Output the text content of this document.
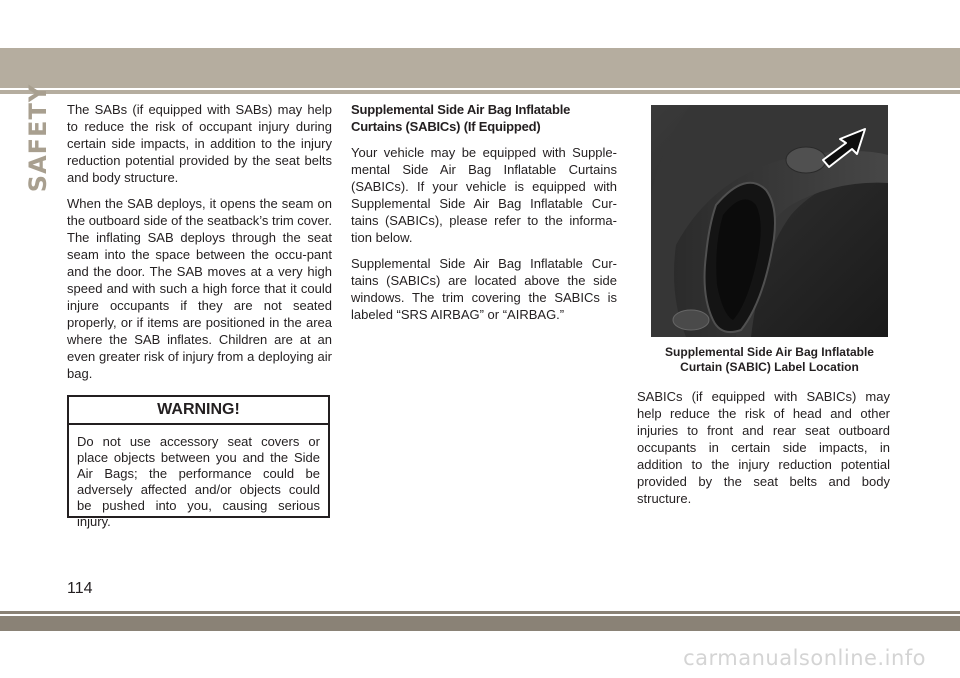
SAFETY The SABs (if equipped with SABs) may help to reduce the risk of occupant injury during certain side impacts, in addition to the injury reduction potential provided by the seat belts and body structure.

When the SAB deploys, it opens the seam on the outboard side of the seatback’s trim cover. The inflating SAB deploys through the seat seam into the space between the occu-pant and the door. The SAB moves at a very high speed and with such a high force that it could injure occupants if they are not seated properly, or if items are positioned in the area where the SAB inflates. Children are at an even greater risk of injury from a deploying air bag.

WARNING!
Do not use accessory seat covers or place objects between you and the Side Air Bags; the performance could be adversely affected and/or objects could be pushed into you, causing serious injury.

Supplemental Side Air Bag Inflatable Curtains (SABICs) (If Equipped)

Your vehicle may be equipped with Supple-mental Side Air Bag Inflatable Curtains (SABICs). If your vehicle is equipped with Supplemental Side Air Bag Inflatable Cur-tains (SABICs), please refer to the informa-tion below.

Supplemental Side Air Bag Inflatable Cur-tains (SABICs) are located above the side windows. The trim covering the SABICs is labeled “SRS AIRBAG” or “AIRBAG.”

Supplemental Side Air Bag Inflatable Curtain (SABIC) Label Location

SABICs (if equipped with SABICs) may help reduce the risk of head and other injuries to front and rear seat outboard occupants in certain side impacts, in addition to the injury reduction potential provided by the seat belts and body structure.

114
carmanualsonline.info
